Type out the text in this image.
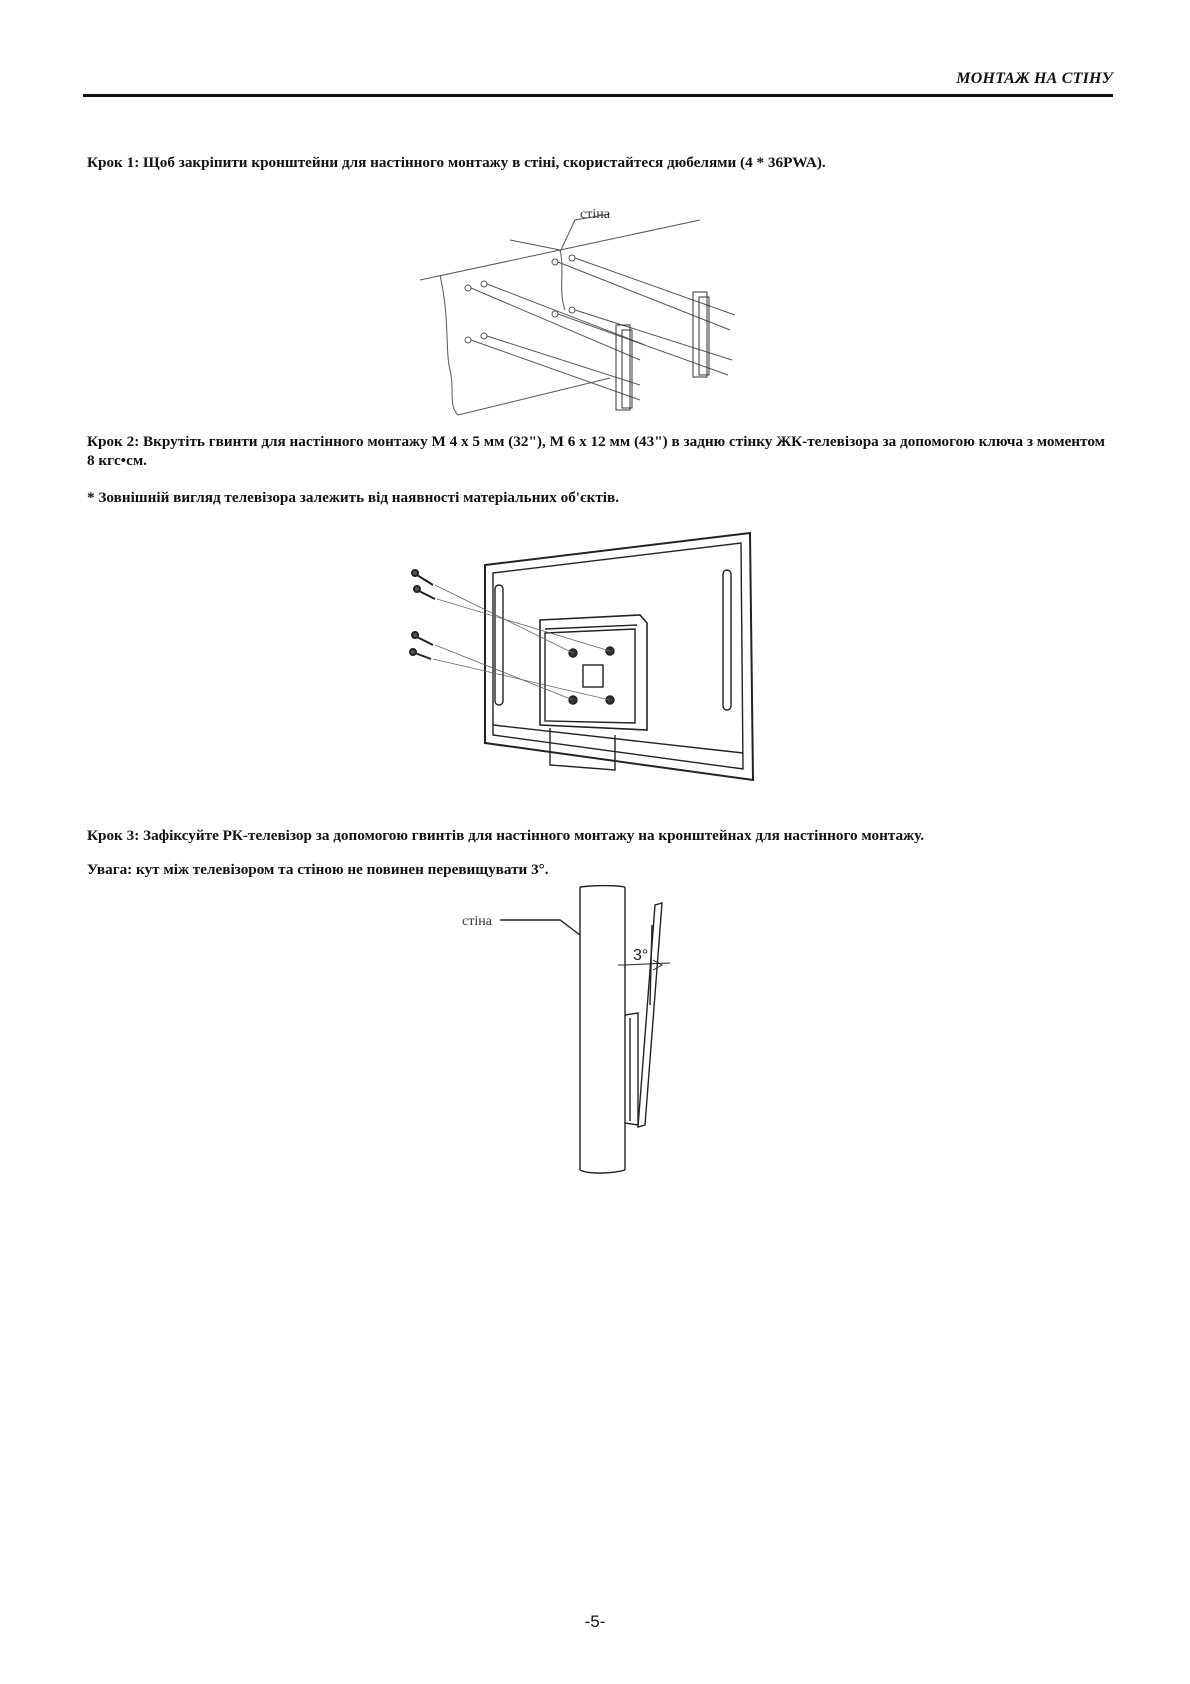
МОНТАЖ НА СТІНУ
Крок 1: Щоб закріпити кронштейни для настінного монтажу в стіні, скористайтеся дюбелями (4 * 36PWA).
стіна
Крок 2: Вкрутіть гвинти для настінного монтажу М 4 х 5 мм (32"), М 6 х 12 мм (43") в задню стінку ЖК-телевізора за допомогою ключа з моментом 8 кгс•см.
* Зовнішній вигляд телевізора залежить від наявності матеріальних об'єктів.
Крок 3: Зафіксуйте РК-телевізор за допомогою гвинтів для настінного монтажу на кронштейнах для настінного монтажу.
Увага: кут між телевізором та стіною не повинен перевищувати 3°.
стіна
3°
-5-
